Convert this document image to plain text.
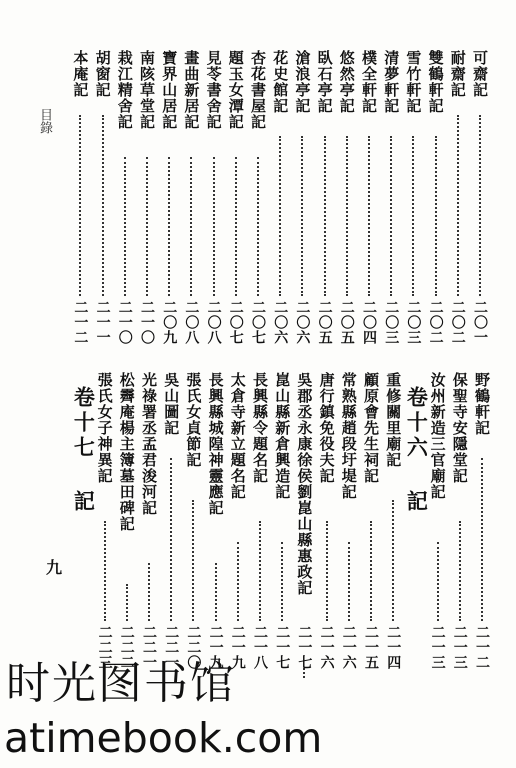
可齋記
二〇一
耐齋記
二〇二
雙鶴軒記
二〇二
雪竹軒記
二〇三
清夢軒記
二〇三
樸全軒記
二〇四
悠然亭記
二〇五
臥石亭記
二〇五
滄浪亭記
二〇六
花史館記
二〇六
杏花書屋記
二〇七
題玉女潭記
二〇七
見苓書舍記
二〇八
畫曲新居記
二〇八
寶界山居記
二〇九
南陔草堂記
二一〇
栽江精舍記
二一〇
胡窗記
二一一
本庵記
二一二
野鶴軒記
二一二
保聖寺安隱堂記
二一三
汝州新造三官廟記
二一三
卷十六 記
重修關里廟記
二一四
顧原會先生祠記
二一五
常熟縣趙段圩堤記
二一六
唐行鎮免役夫記
二一六
吳郡丞永康徐侯劉崑山縣惠政記
二一七
崑山縣新倉興造記
二一七
長興縣令題名記
二一八
太倉寺新立題名記
二一九
長興縣城隍神靈應記
二一九
張氏女貞節記
二二〇
吳山圖記
二二一
光祿署丞孟君浚河記
二二一
松霽庵楊主簿墓田碑記
二二二
張氏女子神異記
二二三
卷十七 記
目錄
九
时光图书馆
atimebook.com
